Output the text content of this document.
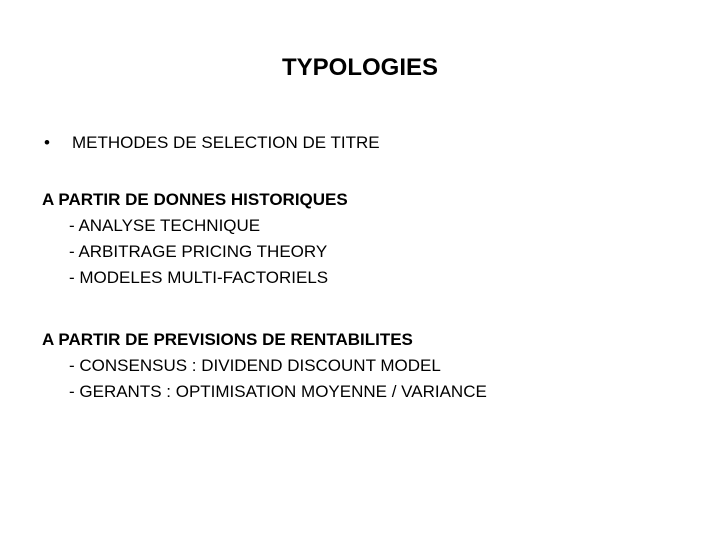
TYPOLOGIES
• METHODES DE SELECTION DE TITRE
A PARTIR DE DONNES HISTORIQUES
- ANALYSE TECHNIQUE
- ARBITRAGE PRICING THEORY
- MODELES MULTI-FACTORIELS
A PARTIR DE PREVISIONS DE RENTABILITES
- CONSENSUS : DIVIDEND DISCOUNT MODEL
- GERANTS : OPTIMISATION MOYENNE / VARIANCE
